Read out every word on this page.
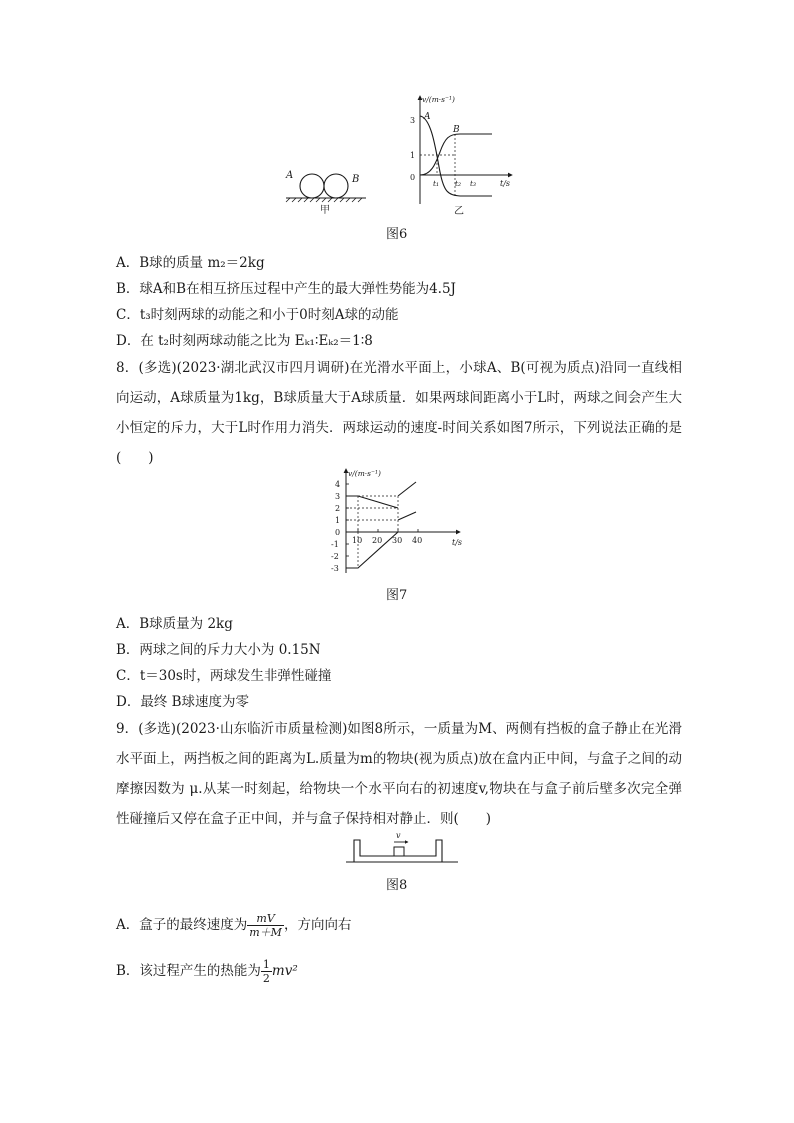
A	B
甲
v/(m·s⁻¹)
t/s
3
1
0
t₁ t₂ t₃
A
B
乙
图6
A．B球的质量 m₂＝2kg
B．球A和B在相互挤压过程中产生的最大弹性势能为4.5J
C．t₃时刻两球的动能之和小于0时刻A球的动能
D．在 t₂时刻两球动能之比为 Eₖ₁∶Eₖ₂＝1∶8
8．(多选)(2023·湖北武汉市四月调研)在光滑水平面上，小球A、B(可视为质点)沿同一直线相向运动，A球质量为1kg，B球质量大于A球质量．如果两球间距离小于L时，两球之间会产生大小恒定的斥力，大于L时作用力消失．两球运动的速度-时间关系如图7所示，下列说法正确的是(　　)
v/(m·s⁻¹)
t/s
4
3
2
1
0
-1
-2
-3
10 20 30 40
图7
A．B球质量为 2kg
B．两球之间的斥力大小为 0.15N
C．t＝30s时，两球发生非弹性碰撞
D．最终 B球速度为零
9．(多选)(2023·山东临沂市质量检测)如图8所示，一质量为M、两侧有挡板的盒子静止在光滑水平面上，两挡板之间的距离为L.质量为m的物块(视为质点)放在盒内正中间，与盒子之间的动摩擦因数为 μ.从某一时刻起，给物块一个水平向右的初速度v,物块在与盒子前后壁多次完全弹性碰撞后又停在盒子正中间，并与盒子保持相对静止．则(　　)
v
图8
A．盒子的最终速度为 $\frac{mV}{m+M}$ ，方向向右
B．该过程产生的热能为 $\frac{1}{2} mv^2$
